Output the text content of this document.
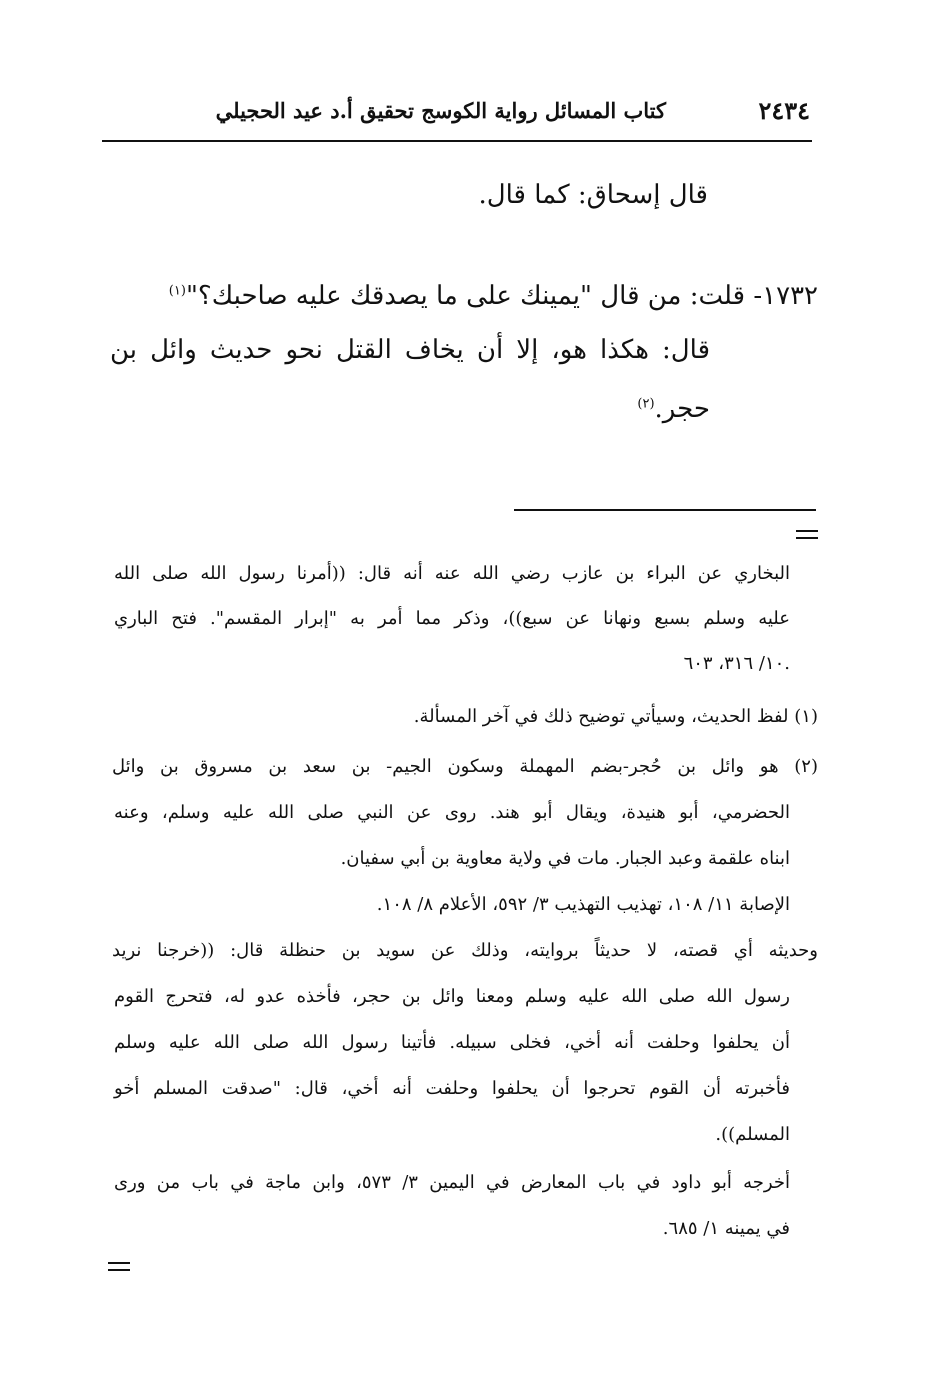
٢٤٣٤
كتاب المسائل رواية الكوسج تحقيق أ.د عيد الحجيلي
قال إسحاق: كما قال.
١٧٣٢- قلت: من قال "يمينك على ما يصدقك عليه صاحبك؟"$^{(١)}$
قال: هكذا هو، إلا أن يخاف القتل نحو حديث وائل بن
حجر.$^{(٢)}$
البخاري عن البراء بن عازب رضي الله عنه أنه قال: ((أمرنا رسول الله صلى الله
عليه وسلم بسبع ونهانا عن سبع))، وذكر مما أمر به "إبرار المقسم". فتح الباري
١٠/ ٣١٦، ٦٠٣.
(١) لفظ الحديث، وسيأتي توضيح ذلك في آخر المسألة.
(٢) هو وائل بن حُجر-بضم المهملة وسكون الجيم- بن سعد بن مسروق بن وائل
الحضرمي، أبو هنيدة، ويقال أبو هند. روى عن النبي صلى الله عليه وسلم، وعنه
ابناه علقمة وعبد الجبار. مات في ولاية معاوية بن أبي سفيان.
الإصابة ١١/ ١٠٨، تهذيب التهذيب ٣/ ٥٩٢، الأعلام ٨/ ١٠٨.
وحديثه أي قصته، لا حديثاً بروايته، وذلك عن سويد بن حنظلة قال: ((خرجنا نريد
رسول الله صلى الله عليه وسلم ومعنا وائل بن حجر، فأخذه عدو له، فتحرج القوم
أن يحلفوا وحلفت أنه أخي، فخلى سبيله. فأتينا رسول الله صلى الله عليه وسلم
فأخبرته أن القوم تحرجوا أن يحلفوا وحلفت أنه أخي، قال: "صدقت المسلم أخو
المسلم)).
أخرجه أبو داود في باب المعارض في اليمين ٣/ ٥٧٣، وابن ماجة في باب من ورى
في يمينه ١/ ٦٨٥.
